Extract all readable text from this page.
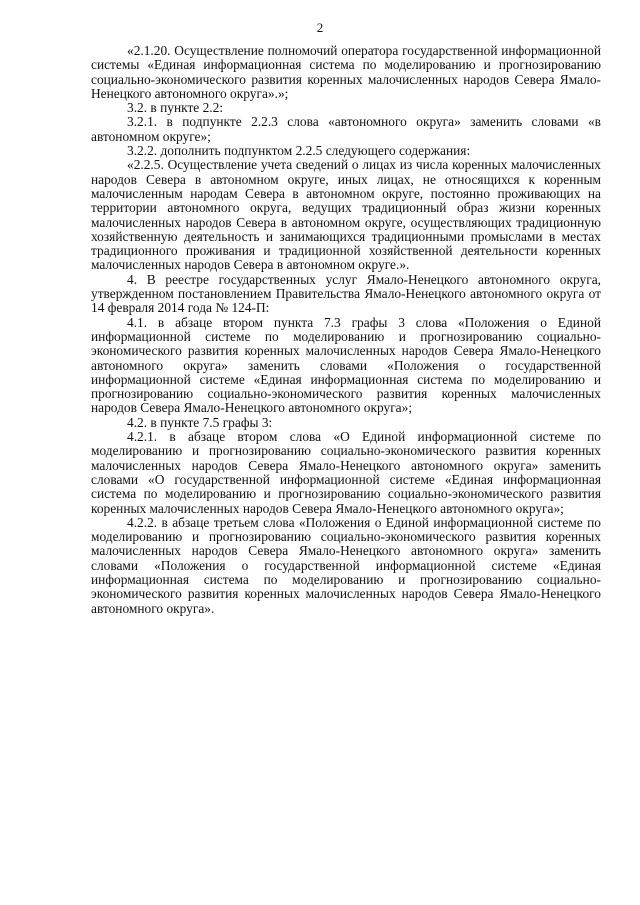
2

«2.1.20. Осуществление полномочий оператора государственной информационной системы «Единая информационная система по моделированию и прогнозированию социально-экономического развития коренных малочисленных народов Севера Ямало-Ненецкого автономного округа».»;

3.2. в пункте 2.2:

3.2.1. в подпункте 2.2.3 слова «автономного округа» заменить словами «в автономном округе»;

3.2.2. дополнить подпунктом 2.2.5 следующего содержания:

«2.2.5. Осуществление учета сведений о лицах из числа коренных малочисленных народов Севера в автономном округе, иных лицах, не относящихся к коренным малочисленным народам Севера в автономном округе, постоянно проживающих на территории автономного округа, ведущих традиционный образ жизни коренных малочисленных народов Севера в автономном округе, осуществляющих традиционную хозяйственную деятельность и занимающихся традиционными промыслами в местах традиционного проживания и традиционной хозяйственной деятельности коренных малочисленных народов Севера в автономном округе.».

4. В реестре государственных услуг Ямало-Ненецкого автономного округа, утвержденном постановлением Правительства Ямало-Ненецкого автономного округа от 14 февраля 2014 года № 124-П:

4.1. в абзаце втором пункта 7.3 графы 3 слова «Положения о Единой информационной системе по моделированию и прогнозированию социально-экономического развития коренных малочисленных народов Севера Ямало-Ненецкого автономного округа» заменить словами «Положения о государственной информационной системе «Единая информационная система по моделированию и прогнозированию социально-экономического развития коренных малочисленных народов Севера Ямало-Ненецкого автономного округа»;

4.2. в пункте 7.5 графы 3:

4.2.1. в абзаце втором слова «О Единой информационной системе по моделированию и прогнозированию социально-экономического развития коренных малочисленных народов Севера Ямало-Ненецкого автономного округа» заменить словами «О государственной информационной системе «Единая информационная система по моделированию и прогнозированию социально-экономического развития коренных малочисленных народов Севера Ямало-Ненецкого автономного округа»;

4.2.2. в абзаце третьем слова «Положения о Единой информационной системе по моделированию и прогнозированию социально-экономического развития коренных малочисленных народов Севера Ямало-Ненецкого автономного округа» заменить словами «Положения о государственной информационной системе «Единая информационная система по моделированию и прогнозированию социально-экономического развития коренных малочисленных народов Севера Ямало-Ненецкого автономного округа».
